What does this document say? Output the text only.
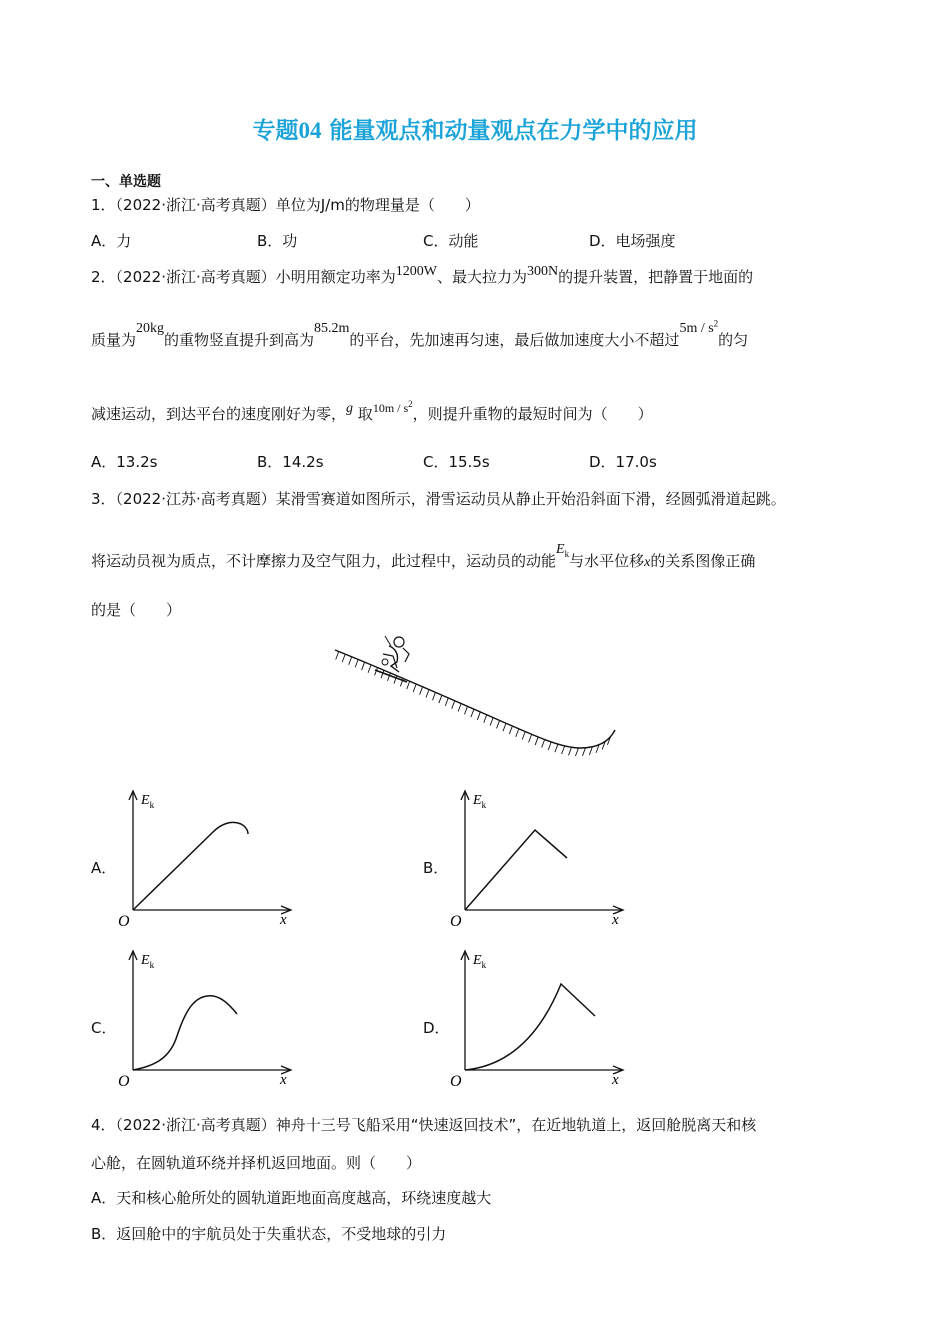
专题04 能量观点和动量观点在力学中的应用
一、单选题
1．（2022·浙江·高考真题）单位为J/m的物理量是（　　）
A．力	B．功	C．动能	D．电场强度
2．（2022·浙江·高考真题）小明用额定功率为1200W、最大拉力为300N的提升装置，把静置于地面的
质量为20kg的重物竖直提升到高为85.2m的平台，先加速再匀速，最后做加速度大小不超过$5m / s^2$的匀
减速运动，到达平台的速度刚好为零，g 取$^{10m / s^2}$，则提升重物的最短时间为（　　）
A．13.2s	B．14.2s	C．15.5s	D．17.0s
3．（2022·江苏·高考真题）某滑雪赛道如图所示，滑雪运动员从静止开始沿斜面下滑，经圆弧滑道起跳。
将运动员视为质点，不计摩擦力及空气阻力，此过程中，运动员的动能$E_k$与水平位移x的关系图像正确
的是（　　）
A．
$E_k$
x
O
B．
$E_k$
x
O
C．
$E_k$
x
O
D．
$E_k$
x
O
4．（2022·浙江·高考真题）神舟十三号飞船采用“快速返回技术”，在近地轨道上，返回舱脱离天和核
心舱，在圆轨道环绕并择机返回地面。则（　　）
A．天和核心舱所处的圆轨道距地面高度越高，环绕速度越大
B．返回舱中的宇航员处于失重状态，不受地球的引力
